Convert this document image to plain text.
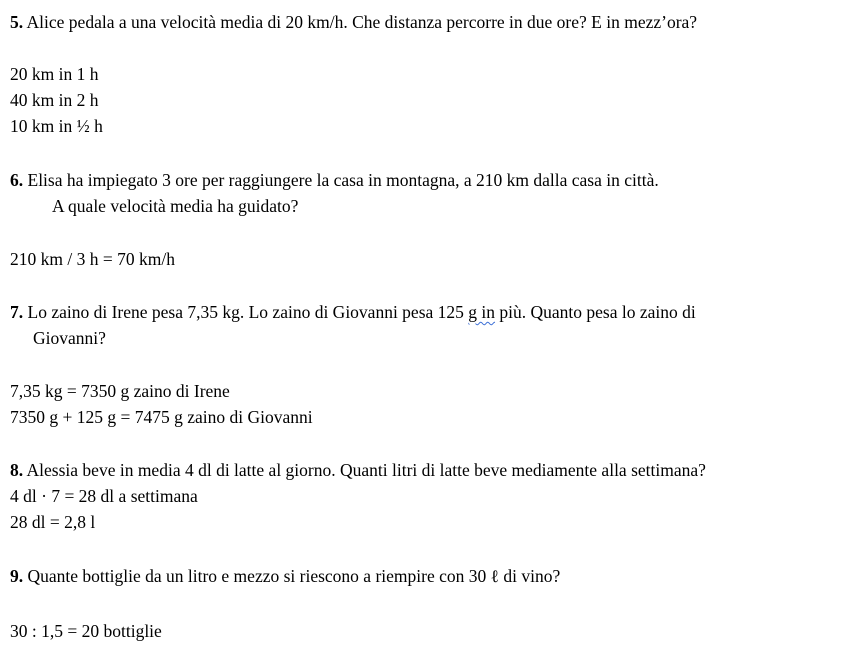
5. Alice pedala a una velocità media di 20 km/h. Che distanza percorre in due ore? E in mezz’ora?
20 km in 1 h
40 km in 2 h
10 km in ½ h
6. Elisa ha impiegato 3 ore per raggiungere la casa in montagna, a 210 km dalla casa in città.
A quale velocità media ha guidato?
210 km / 3 h = 70 km/h
7. Lo zaino di Irene pesa 7,35 kg. Lo zaino di Giovanni pesa 125 g in più. Quanto pesa lo zaino di
Giovanni?
7,35 kg = 7350 g zaino di Irene
7350 g + 125 g = 7475 g zaino di Giovanni
8. Alessia beve in media 4 dl di latte al giorno. Quanti litri di latte beve mediamente alla settimana?
4 dl · 7 = 28 dl a settimana
28 dl = 2,8 l
9. Quante bottiglie da un litro e mezzo si riescono a riempire con 30 ℓ di vino?
30 : 1,5 = 20 bottiglie
